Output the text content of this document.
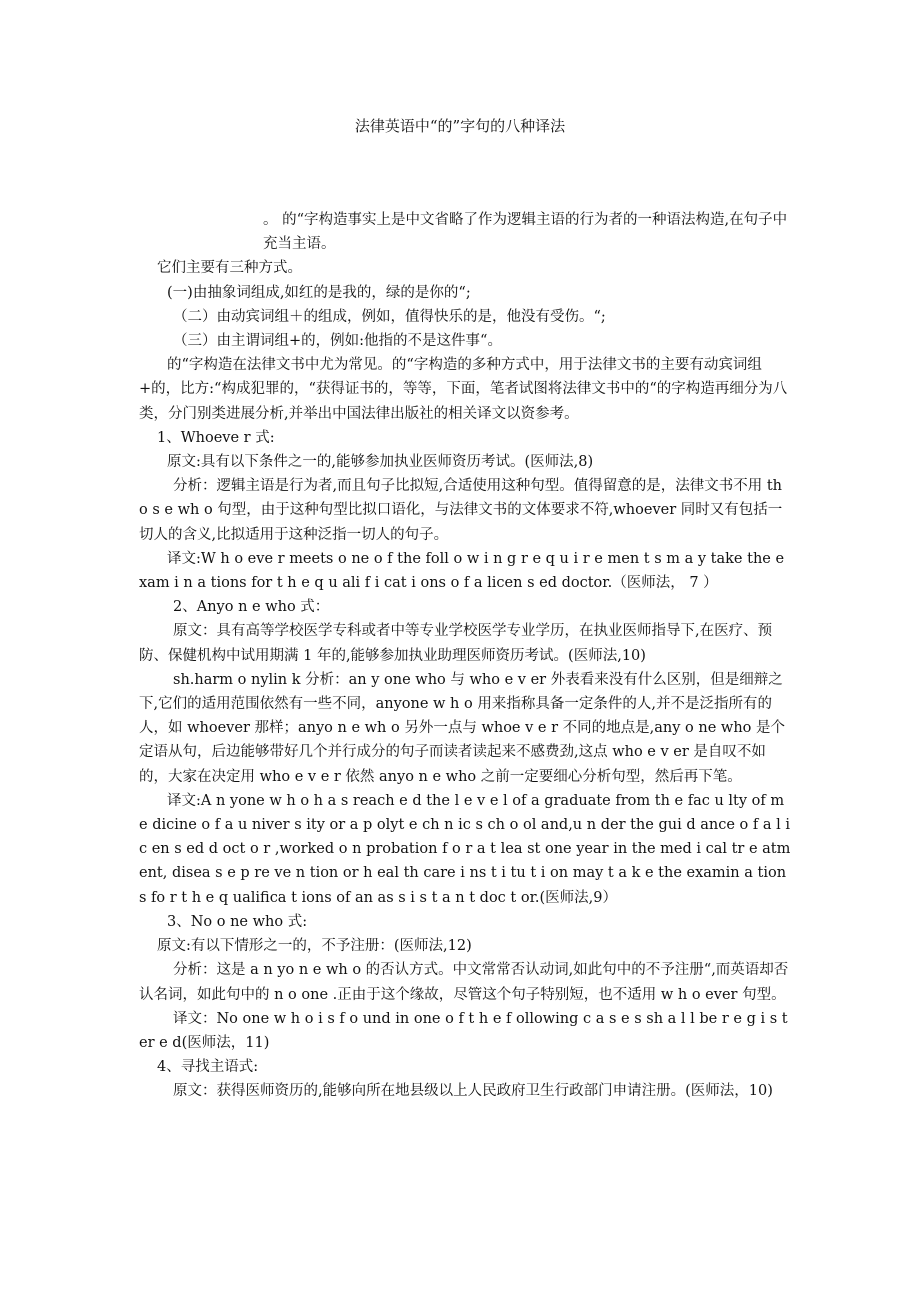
法律英语中“的”字句的八种译法

。 的“字构造事实上是中文省略了作为逻辑主语的行为者的一种语法构造,在句子中充当主语。

它们主要有三种方式。

(一)由抽象词组成,如红的是我的，绿的是你的“;

（二）由动宾词组＋的组成，例如，值得快乐的是，他没有受伤。“;

（三）由主谓词组+的，例如:他指的不是这件事“。

的“字构造在法律文书中尤为常见。的“字构造的多种方式中，用于法律文书的主要有动宾词组+的，比方:“构成犯罪的，“获得证书的，等等，下面，笔者试图将法律文书中的“的字构造再细分为八类，分门别类进展分析,并举出中国法律出版社的相关译文以资参考。

1、Whoeve r 式:

原文:具有以下条件之一的,能够参加执业医师资历考试。(医师法,8)

分析：逻辑主语是行为者,而且句子比拟短,合适使用这种句型。值得留意的是，法律文书不用 th o s e wh o 句型，由于这种句型比拟口语化，与法律文书的文体要求不符,whoever 同时又有包括一切人的含义,比拟适用于这种泛指一切人的句子。

译文:W h o eve r meets o ne o f the foll o w i n g r e q u i r e men t s m a y take the e xam i n a tions for t h e q u ali f i cat i ons o f a licen s ed doctor.（医师法， 7 ）

2、Anyo n e who 式：

原文：具有高等学校医学专科或者中等专业学校医学专业学历，在执业医师指导下,在医疗、预防、保健机构中试用期满 1 年的,能够参加执业助理医师资历考试。(医师法,10)

sh.harm o nylin k 分析：an y one who 与 who e v er 外表看来没有什么区别，但是细辩之下,它们的适用范围依然有一些不同，anyone w h o 用来指称具备一定条件的人,并不是泛指所有的人，如 whoever 那样；anyo n e wh o 另外一点与 whoe v e r 不同的地点是,any o ne who 是个定语从句，后边能够带好几个并行成分的句子而读者读起来不感费劲,这点 who e v er 是自叹不如的，大家在决定用 who e v e r 依然 anyo n e who 之前一定要细心分析句型，然后再下笔。

译文:A n yone w h o h a s reach e d the l e v e l of a graduate from th e fac u lty of m e dicine o f a u niver s ity or a p olyt e ch n ic s ch o ol and,u n der the gui d ance o f a l i c en s ed d oct o r ,worked o n probation f o r a t lea st one year in the med i cal tr e atment, disea s e p re ve n tion or h eal th care i ns t i tu t i on may t a k e the examin a tion s fo r t h e q ualifica t ions of an as s i s t a n t doc t or.(医师法,9）

3、No o ne who 式:

原文:有以下情形之一的，不予注册：(医师法,12)

分析：这是 a n yo n e wh o 的否认方式。中文常常否认动词,如此句中的不予注册“,而英语却否认名词，如此句中的 n o one .正由于这个缘故，尽管这个句子特别短，也不适用 w h o ever 句型。

译文：No one w h o i s f o und in one o f t h e f ollowing c a s e s sh a l l be r e g i s ter e d(医师法，11)

4、寻找主语式:

原文：获得医师资历的,能够向所在地县级以上人民政府卫生行政部门申请注册。(医师法，10)
